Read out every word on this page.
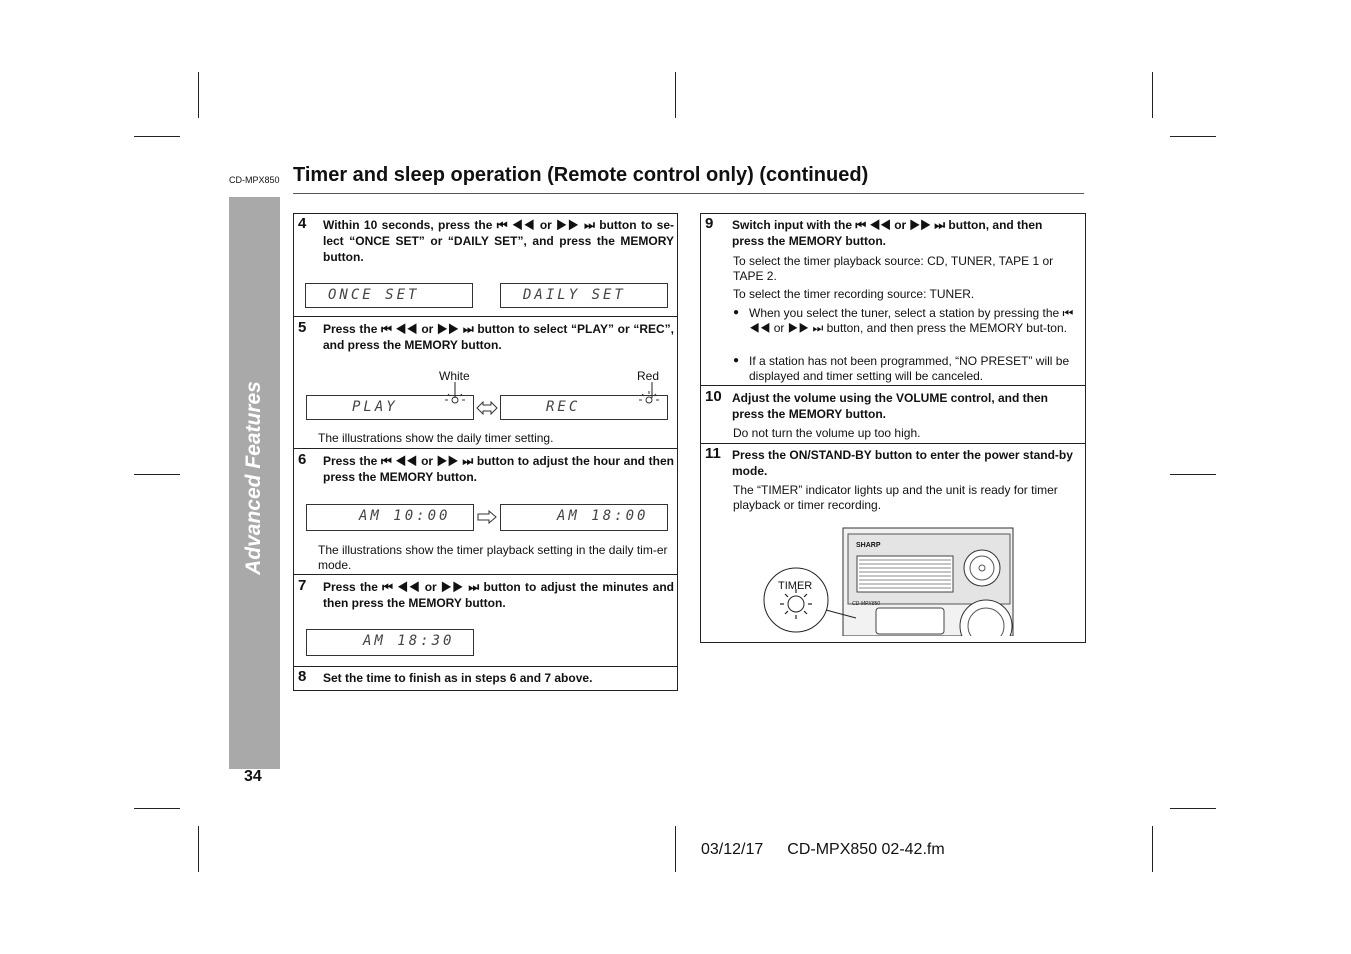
CD-MPX850 Timer and sleep operation (Remote control only) (continued)
Advanced Features
34
4 Within 10 seconds, press the ⏮ ◀◀ or ▶▶ ⏭ button to se-lect “ONCE SET” or “DAILY SET”, and press the MEMORY button.
ONCE SET	DAILY SET
5 Press the ⏮ ◀◀ or ▶▶ ⏭ button to select “PLAY” or “REC”, and press the MEMORY button.
White	Red
PLAY	REC
The illustrations show the daily timer setting.
6 Press the ⏮ ◀◀ or ▶▶ ⏭ button to adjust the hour and then press the MEMORY button.
AM 10:00	AM 18:00
The illustrations show the timer playback setting in the daily tim-er mode.
7 Press the ⏮ ◀◀ or ▶▶ ⏭ button to adjust the minutes and then press the MEMORY button.
AM 18:30
8 Set the time to finish as in steps 6 and 7 above.
9 Switch input with the ⏮ ◀◀ or ▶▶ ⏭ button, and then press the MEMORY button.
To select the timer playback source: CD, TUNER, TAPE 1 or TAPE 2.
To select the timer recording source: TUNER.
● When you select the tuner, select a station by pressing the ⏮ ◀◀ or ▶▶ ⏭ button, and then press the MEMORY but-ton.
● If a station has not been programmed, “NO PRESET” will be displayed and timer setting will be canceled.
10 Adjust the volume using the VOLUME control, and then press the MEMORY button.
Do not turn the volume up too high.
11 Press the ON/STAND-BY button to enter the power stand-by mode.
The “TIMER” indicator lights up and the unit is ready for timer playback or timer recording.
SHARP
CD-MPX850
TIMER
03/12/17 CD-MPX850 02-42.fm
